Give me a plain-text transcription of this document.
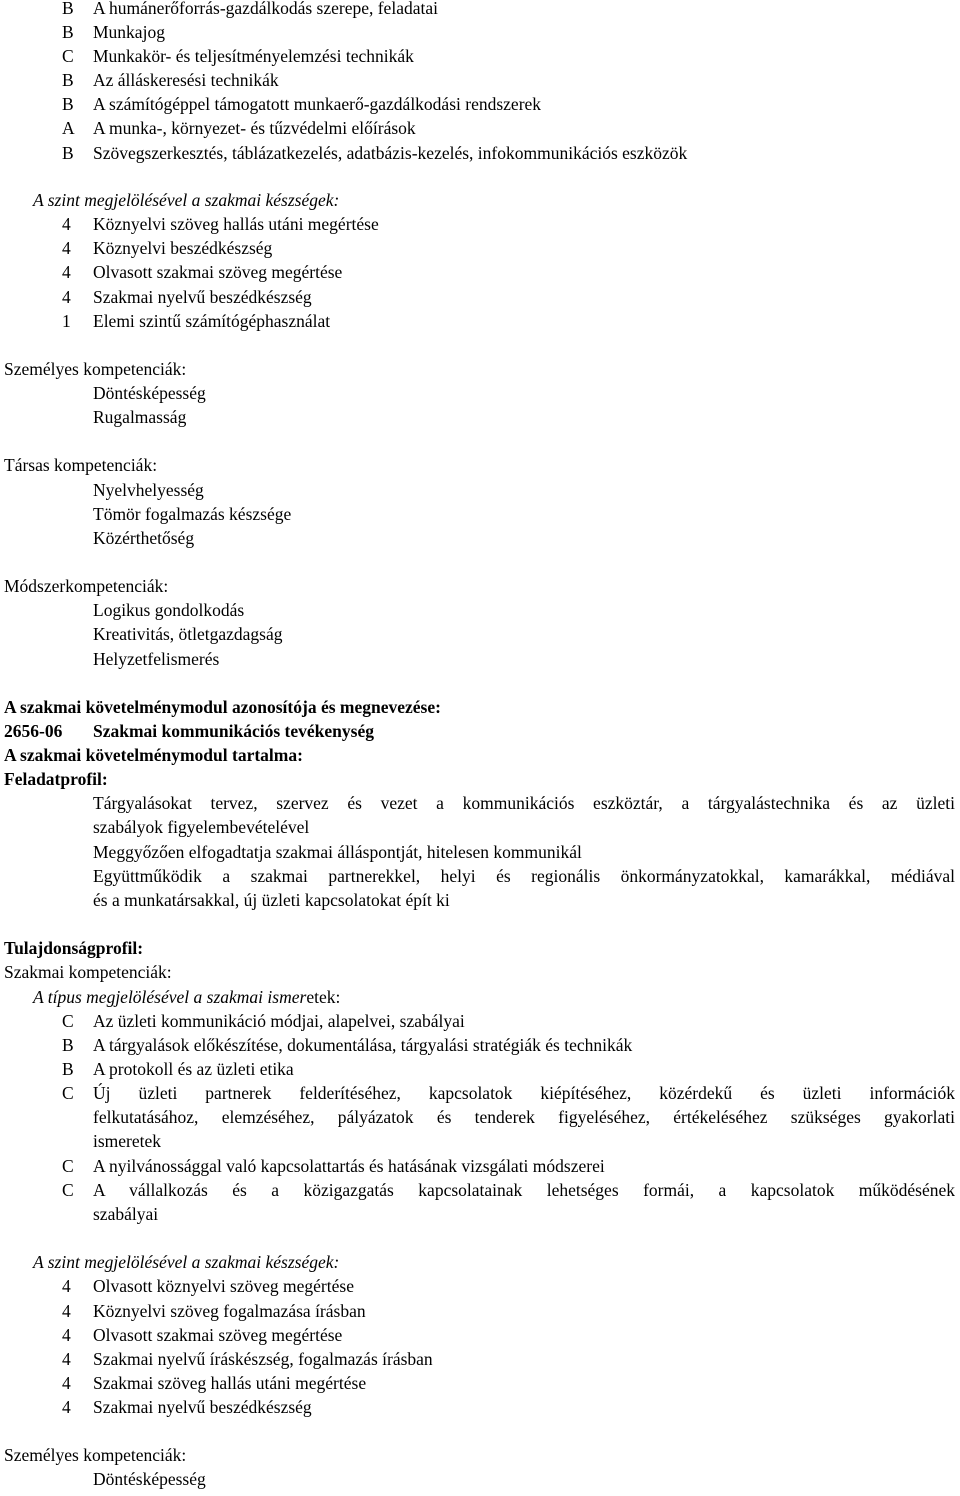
B	A humánerőforrás-gazdálkodás szerepe, feladatai
B	Munkajog
C	Munkakör- és teljesítményelemzési technikák
B	Az álláskeresési technikák
B	A számítógéppel támogatott munkaerő-gazdálkodási rendszerek
A	A munka-, környezet- és tűzvédelmi előírások
B	Szövegszerkesztés, táblázatkezelés, adatbázis-kezelés, infokommunikációs eszközök
A szint megjelölésével a szakmai készségek:
4	Köznyelvi szöveg hallás utáni megértése
4	Köznyelvi beszédkészség
4	Olvasott szakmai szöveg megértése
4	Szakmai nyelvű beszédkészség
1	Elemi szintű számítógéphasználat
Személyes kompetenciák:
Döntésképesség
Rugalmasság
Társas kompetenciák:
Nyelvhelyesség
Tömör fogalmazás készsége
Közérthetőség
Módszerkompetenciák:
Logikus gondolkodás
Kreativitás, ötletgazdagság
Helyzetfelismerés
A szakmai követelménymodul azonosítója és megnevezése:
2656-06 Szakmai kommunikációs tevékenység
A szakmai követelménymodul tartalma:
Feladatprofil:
Tárgyalásokat tervez, szervez és vezet a kommunikációs eszköztár, a tárgyalástechnika és az üzleti
szabályok figyelembevételével
Meggyőzően elfogadtatja szakmai álláspontját, hitelesen kommunikál
Együttműködik a szakmai partnerekkel, helyi és regionális önkormányzatokkal, kamarákkal, médiával
és a munkatársakkal, új üzleti kapcsolatokat épít ki
Tulajdonságprofil:
Szakmai kompetenciák:
A típus megjelölésével a szakmai ismer etek:
C	Az üzleti kommunikáció módjai, alapelvei, szabályai
B	A tárgyalások előkészítése, dokumentálása, tárgyalási stratégiák és technikák
B	A protokoll és az üzleti etika
C	Új üzleti partnerek felderítéséhez, kapcsolatok kiépítéséhez, közérdekű és üzleti információk
felkutatásához, elemzéséhez, pályázatok és tenderek figyeléséhez, értékeléséhez szükséges gyakorlati
ismeretek
C	A nyilvánossággal való kapcsolattartás és hatásának vizsgálati módszerei
C	A vállalkozás és a közigazgatás kapcsolatainak lehetséges formái, a kapcsolatok működésének
szabályai
A szint megjelölésével a szakmai készségek:
4	Olvasott köznyelvi szöveg megértése
4	Köznyelvi szöveg fogalmazása írásban
4	Olvasott szakmai szöveg megértése
4	Szakmai nyelvű íráskészség, fogalmazás írásban
4	Szakmai szöveg hallás utáni megértése
4	Szakmai nyelvű beszédkészség
Személyes kompetenciák:
Döntésképesség
